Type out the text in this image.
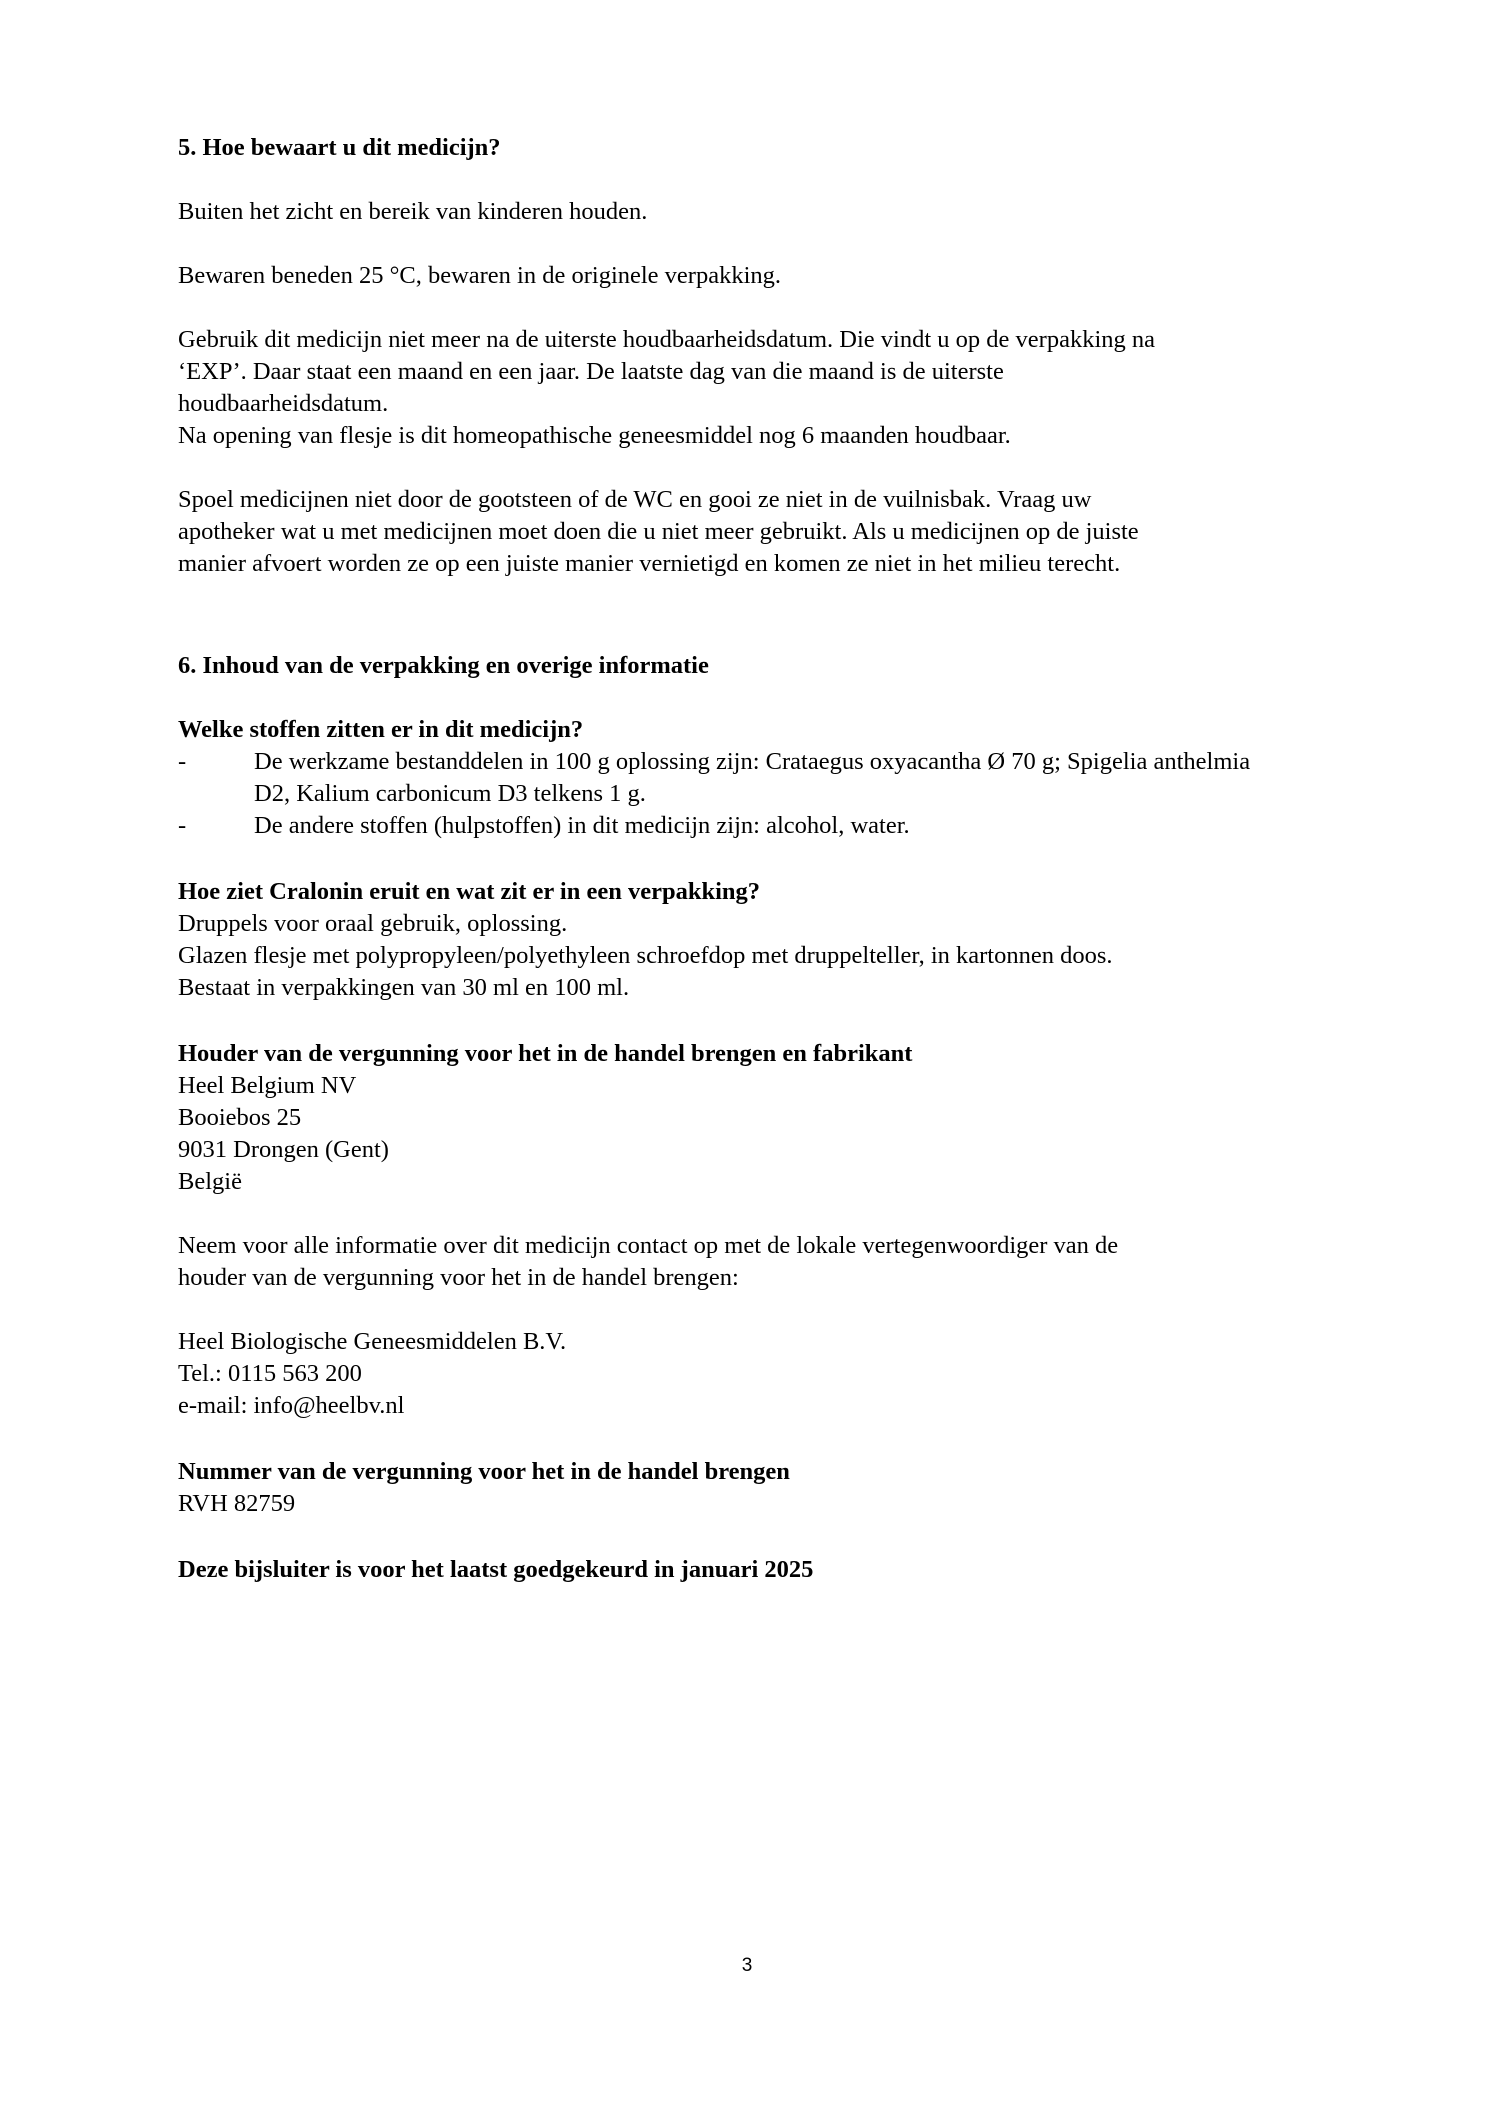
5. Hoe bewaart u dit medicijn?

Buiten het zicht en bereik van kinderen houden.

Bewaren beneden 25 °C, bewaren in de originele verpakking.

Gebruik dit medicijn niet meer na de uiterste houdbaarheidsdatum. Die vindt u op de verpakking na

‘EXP’. Daar staat een maand en een jaar. De laatste dag van die maand is de uiterste

houdbaarheidsdatum.

Na opening van flesje is dit homeopathische geneesmiddel nog 6 maanden houdbaar.

Spoel medicijnen niet door de gootsteen of de WC en gooi ze niet in de vuilnisbak. Vraag uw

apotheker wat u met medicijnen moet doen die u niet meer gebruikt. Als u medicijnen op de juiste

manier afvoert worden ze op een juiste manier vernietigd en komen ze niet in het milieu terecht.

6. Inhoud van de verpakking en overige informatie
Welke stoffen zitten er in dit medicijn?
-	De werkzame bestanddelen in 100 g oplossing zijn: Crataegus oxyacantha Ø 70 g; Spigelia anthelmia D2, Kalium carbonicum D3 telkens 1 g.
-	De andere stoffen (hulpstoffen) in dit medicijn zijn: alcohol, water.
Hoe ziet Cralonin eruit en wat zit er in een verpakking?

Druppels voor oraal gebruik, oplossing.

Glazen flesje met polypropyleen/polyethyleen schroefdop met druppelteller, in kartonnen doos.

Bestaat in verpakkingen van 30 ml en 100 ml.

Houder van de vergunning voor het in de handel brengen en fabrikant
Heel Belgium NV
Booiebos 25
9031 Drongen (Gent)
België

Neem voor alle informatie over dit medicijn contact op met de lokale vertegenwoordiger van de

houder van de vergunning voor het in de handel brengen:

Heel Biologische Geneesmiddelen B.V.
Tel.: 0115 563 200
e-mail: info@heelbv.nl
Nummer van de vergunning voor het in de handel brengen

RVH 82759

Deze bijsluiter is voor het laatst goedgekeurd in januari 2025
3
